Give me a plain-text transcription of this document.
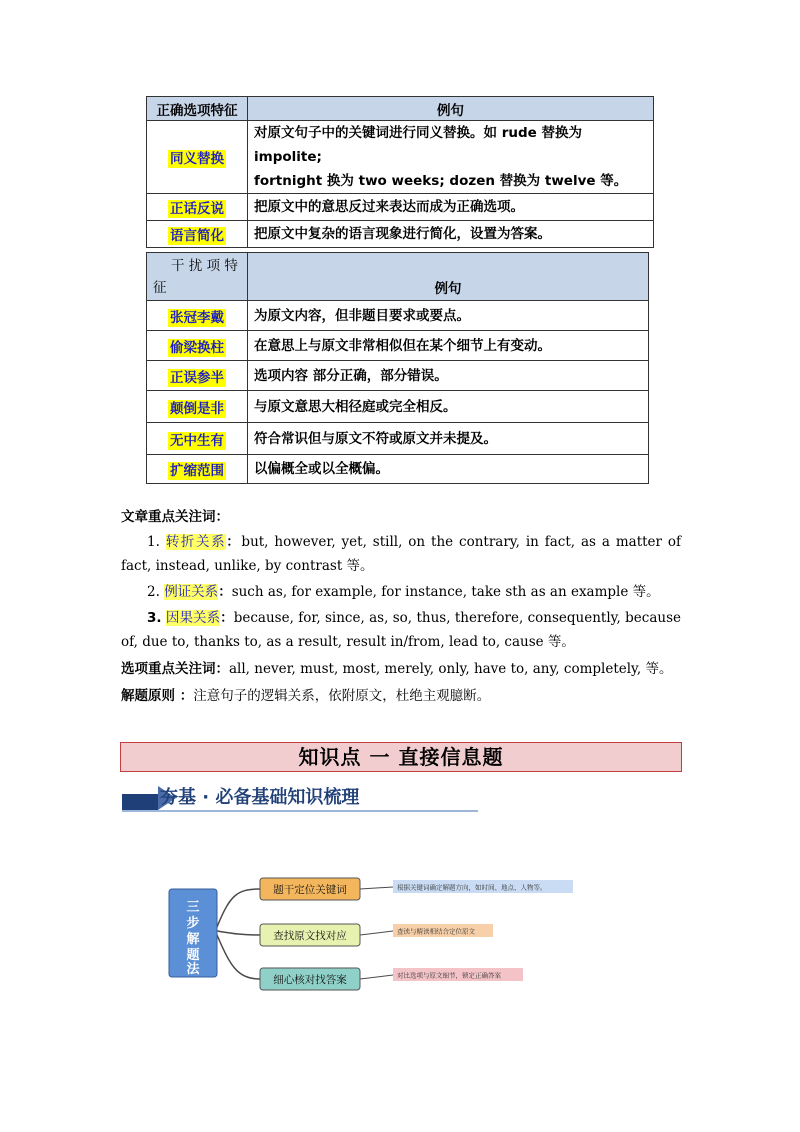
正确选项特征	例句
同义替换	对原文句子中的关键词进行同义替换。如 rude 替换为 impolite;
fortnight 换为 two weeks; dozen 替换为 twelve 等。

正话反说	把原文中的意思反过来表达而成为正确选项。
语言简化	把原文中复杂的语言现象进行简化，设置为答案。
干 扰 项 特
征	例句
张冠李戴	为原文内容，但非题目要求或要点。
偷梁换柱	在意思上与原文非常相似但在某个细节上有变动。
正误参半	选项内容 部分正确，部分错误。
颠倒是非	与原文意思大相径庭或完全相反。
无中生有	符合常识但与原文不符或原文并未提及。
扩缩范围	以偏概全或以全概偏。
文章重点关注词：
1. 转折关系：but, however, yet, still, on the contrary, in fact, as a matter of fact, instead, unlike, by contrast 等。
2. 例证关系：such as, for example, for instance, take sth as an example 等。
3. 因果关系：because, for, since, as, so, thus, therefore, consequently, because of, due to, thanks to, as a result, result in/from, lead to, cause 等。
选项重点关注词：all, never, must, most, merely, only, have to, any, completely, 等。
解题原则 ：注意句子的逻辑关系，依附原文，杜绝主观臆断。
知识点 一 直接信息题
夯基 · 必备基础知识梳理
三
步
解
题
法
题干定位关键词
查找原文找对应
细心核对找答案
根据关键词确定解题方向，如时间、地点、人物等。
查读与精读相结合定位原文
对比选项与原文细节，锁定正确答案
